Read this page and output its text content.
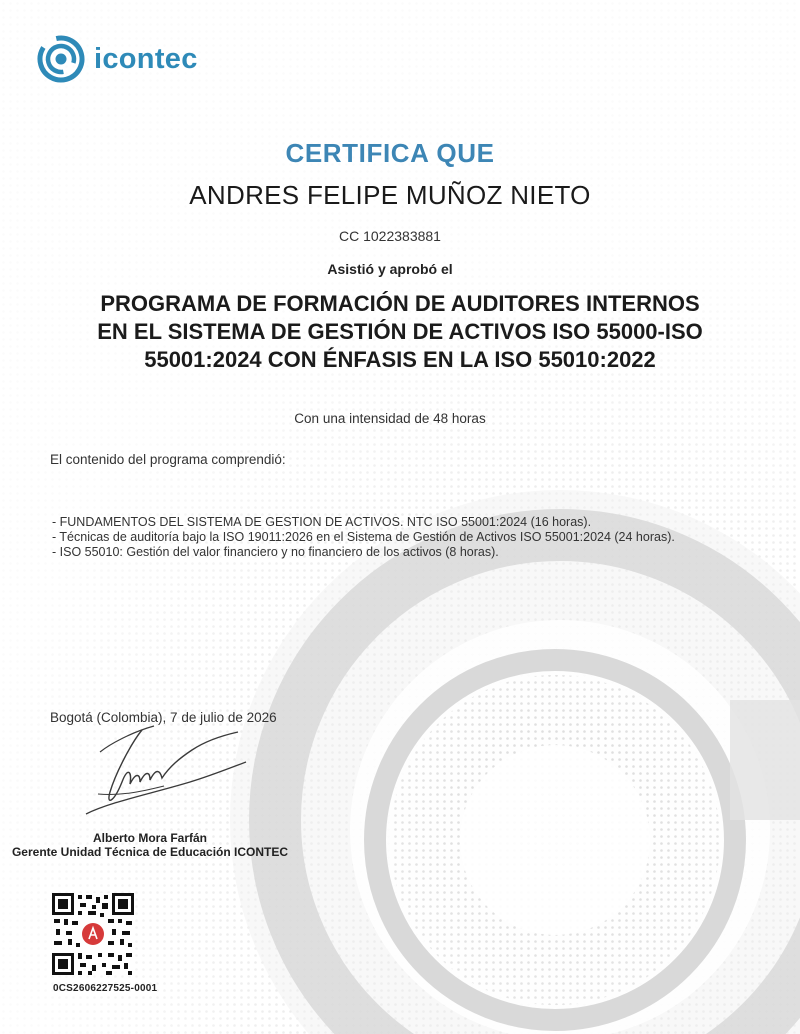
icontec
CERTIFICA QUE
ANDRES FELIPE MUÑOZ NIETO
CC 1022383881
Asistió y aprobó el
PROGRAMA DE FORMACIÓN DE AUDITORES INTERNOS
EN EL SISTEMA DE GESTIÓN DE ACTIVOS ISO 55000-ISO
55001:2024 CON ÉNFASIS EN LA ISO 55010:2022
Con una intensidad de 48 horas
El contenido del programa comprendió:
- FUNDAMENTOS DEL SISTEMA DE GESTION DE ACTIVOS. NTC ISO 55001:2024 (16 horas).
- Técnicas de auditoría bajo la ISO 19011:2026 en el Sistema de Gestión de Activos ISO 55001:2024 (24 horas).
- ISO 55010: Gestión del valor financiero y no financiero de los activos (8 horas).
Bogotá (Colombia), 7 de julio de 2026
Alberto Mora Farfán
Gerente Unidad Técnica de Educación ICONTEC
0CS2606227525-0001
